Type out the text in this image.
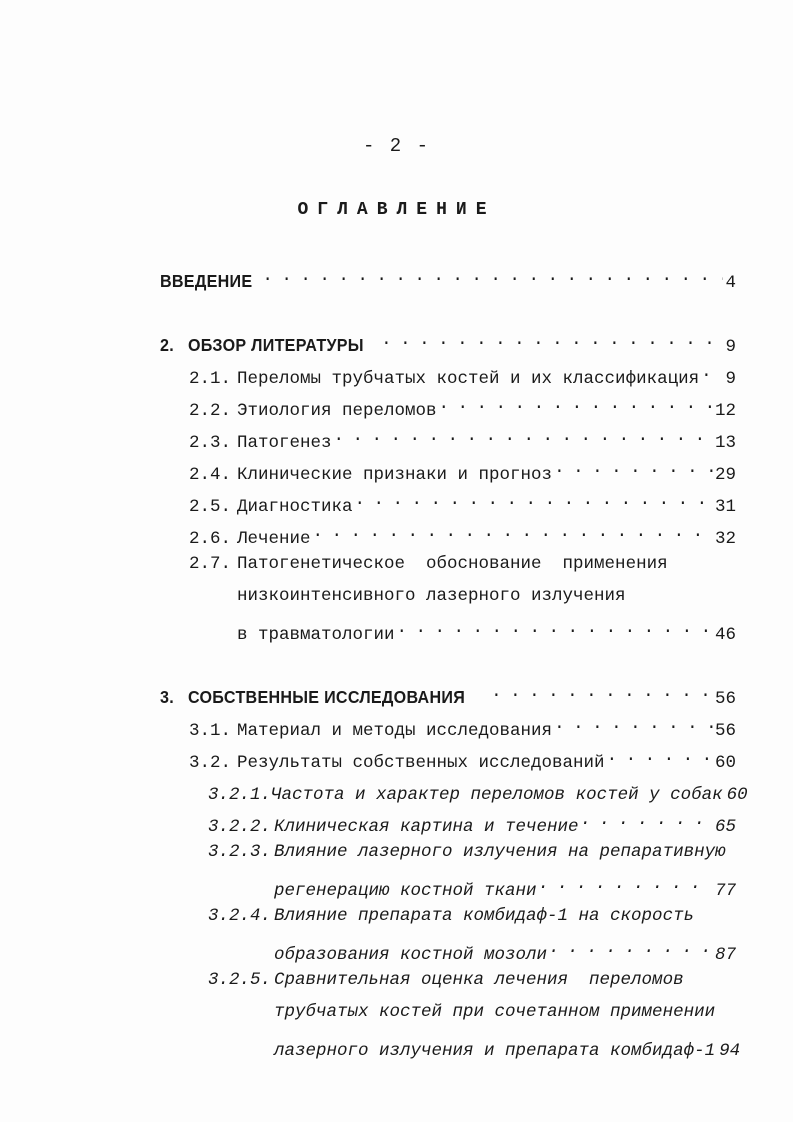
- 2 -
ОГЛАВЛЕНИЕ
ВВЕДЕНИЕ . . .	4
2. ОБЗОР ЛИТЕРАТУРЫ . . .	9
2.1. Переломы трубчатых костей и их классификация . . . 9
2.2. Этиология переломов . . .	12
2.3. Патогенез . . .	13
2.4. Клинические признаки и прогноз . . .	29
2.5. Диагностика . . .	31
2.6. Лечение . . .	32
2.7. Патогенетическое  обоснование  применения
низкоинтенсивного лазерного излучения
в травматологии . . .	46
3. СОБСТВЕННЫЕ ИССЛЕДОВАНИЯ . . .	56
3.1. Материал и методы исследования . . .	56
3.2. Результаты собственных исследований . . .	60
3.2.1. Частота и характер переломов костей у собак 60
3.2.2. Клиническая картина и течение . . .	65
3.2.3. Влияние лазерного излучения на репаративную
регенерацию костной ткани . . .	77
3.2.4. Влияние препарата комбидаф-1 на скорость
образования костной мозоли . . .	87
3.2.5. Сравнительная оценка лечения  переломов
трубчатых костей при сочетанном применении
лазерного излучения и препарата комбидаф-1 94
